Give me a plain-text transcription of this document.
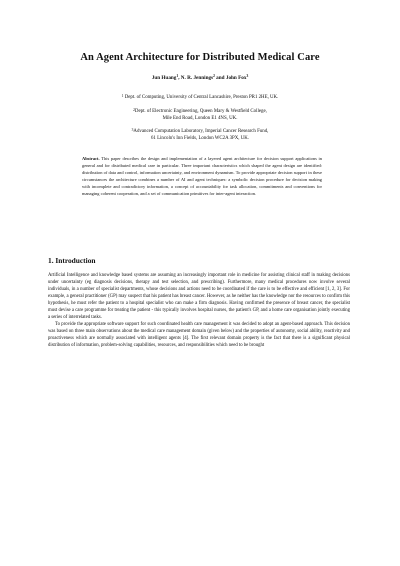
An Agent Architecture for Distributed Medical Care
Jun Huang$^1$, N. R. Jennings$^2$ and John Fox$^3$
$^1$ Dept. of Computing, University of Central Lancashire, Preston PR1 2HE, UK.
$^2$Dept. of Electronic Engineering, Queen Mary & Westfield College,
Mile End Road, London E1 4NS, UK.
$^3$Advanced Computation Laboratory, Imperial Cancer Research Fund,
61 Lincoln's Inn Fields, London WC2A 3PX, UK.
Abstract. This paper describes the design and implementation of a layered agent architecture for decision support applications in general and for distributed medical care in particular. Three important characteristics which shaped the agent design are identified: distribution of data and control, information uncertainty, and environment dynamism. To provide appropriate decision support in these circumstances the architecture combines a number of AI and agent techniques: a symbolic decision procedure for decision making with incomplete and contradictory information, a concept of accountability for task allocation, commitments and conventions for managing coherent cooperation, and a set of communication primitives for inter-agent interaction.
1. Introduction

Artificial Intelligence and knowledge based systems are assuming an increasingly important role in medicine for assisting clinical staff in making decisions under uncertainty (eg diagnosis decisions, therapy and test selection, and prescribing). Furthermore, many medical procedures now involve several individuals, in a number of specialist departments, whose decisions and actions need to be coordinated if the care is to be effective and efficient [1, 2, 3]. For example, a general practitioner (GP) may suspect that his patient has breast cancer. However, as he neither has the knowledge nor the resources to confirm this hypothesis, he must refer the patient to a hospital specialist who can make a firm diagnosis. Having confirmed the presence of breast cancer, the specialist must devise a care programme for treating the patient - this typically involves hospital nurses, the patient's GP, and a home care organisation jointly executing a series of interrelated tasks.

To provide the appropriate software support for such coordinated health care management it was decided to adopt an agent-based approach. This decision was based on three main observations about the medical care management domain (given below) and the properties of autonomy, social ability, reactivity and proactiveness which are normally associated with intelligent agents [4]. The first relevant domain property is the fact that there is a significant physical distribution of information, problem-solving capabilities, resources, and responsibilities which need to be brought
